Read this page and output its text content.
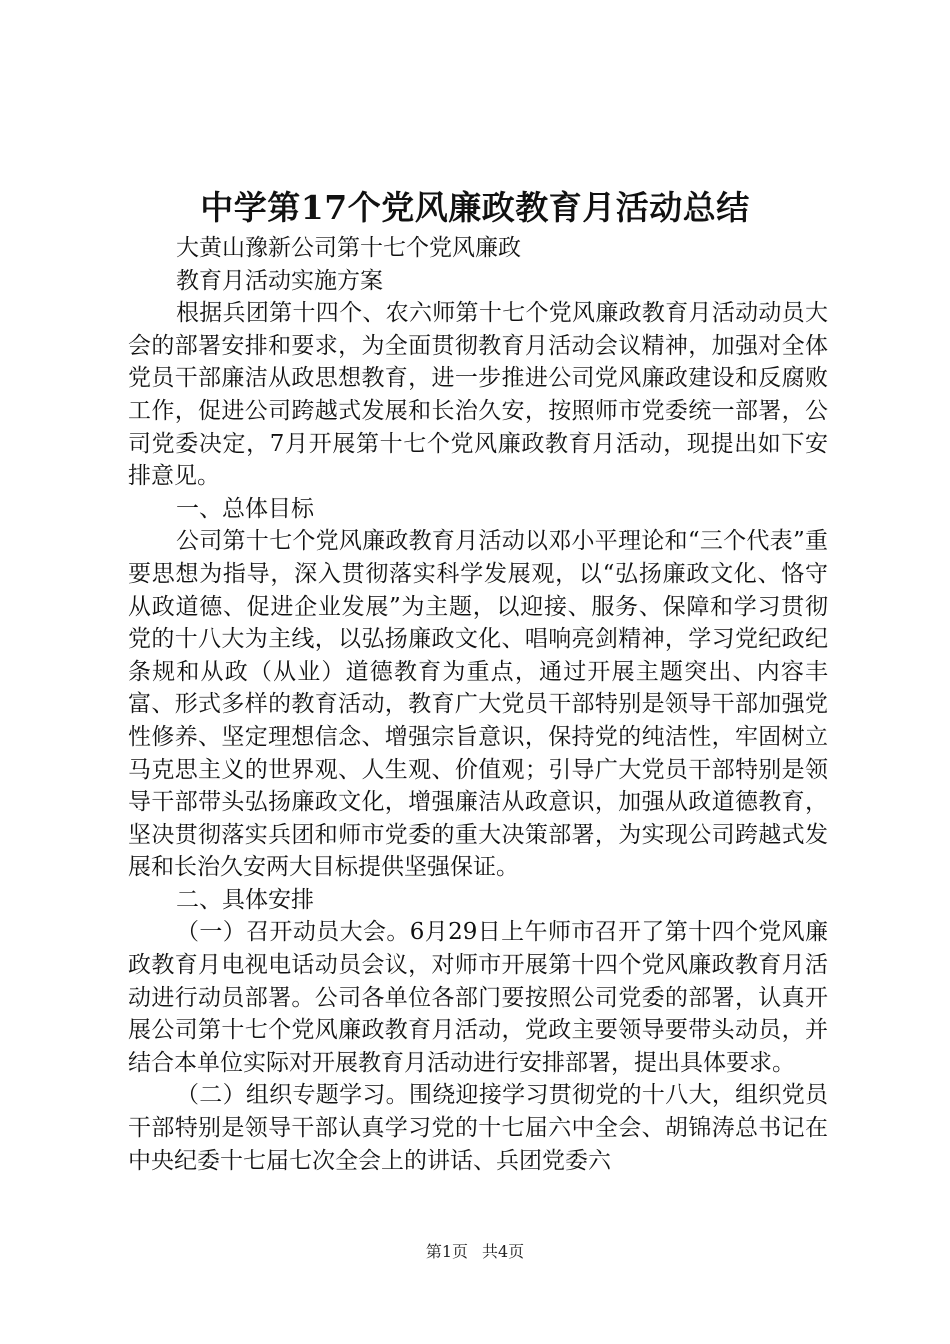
中学第17个党风廉政教育月活动总结

大黄山豫新公司第十七个党风廉政

教育月活动实施方案

根据兵团第十四个、农六师第十七个党风廉政教育月活动动员大会的部署安排和要求，为全面贯彻教育月活动会议精神，加强对全体党员干部廉洁从政思想教育，进一步推进公司党风廉政建设和反腐败工作，促进公司跨越式发展和长治久安，按照师市党委统一部署，公司党委决定，7月开展第十七个党风廉政教育月活动，现提出如下安排意见。

一、总体目标

公司第十七个党风廉政教育月活动以邓小平理论和“三个代表”重要思想为指导，深入贯彻落实科学发展观，以“弘扬廉政文化、恪守从政道德、促进企业发展”为主题，以迎接、服务、保障和学习贯彻党的十八大为主线，以弘扬廉政文化、唱响亮剑精神，学习党纪政纪条规和从政（从业）道德教育为重点，通过开展主题突出、内容丰富、形式多样的教育活动，教育广大党员干部特别是领导干部加强党性修养、坚定理想信念、增强宗旨意识，保持党的纯洁性，牢固树立马克思主义的世界观、人生观、价值观；引导广大党员干部特别是领导干部带头弘扬廉政文化，增强廉洁从政意识，加强从政道德教育，坚决贯彻落实兵团和师市党委的重大决策部署，为实现公司跨越式发展和长治久安两大目标提供坚强保证。

二、具体安排

（一）召开动员大会。6月29日上午师市召开了第十四个党风廉政教育月电视电话动员会议，对师市开展第十四个党风廉政教育月活动进行动员部署。公司各单位各部门要按照公司党委的部署，认真开展公司第十七个党风廉政教育月活动，党政主要领导要带头动员，并结合本单位实际对开展教育月活动进行安排部署，提出具体要求。

（二）组织专题学习。围绕迎接学习贯彻党的十八大，组织党员干部特别是领导干部认真学习党的十七届六中全会、胡锦涛总书记在中央纪委十七届七次全会上的讲话、兵团党委六

第1页 共4页
